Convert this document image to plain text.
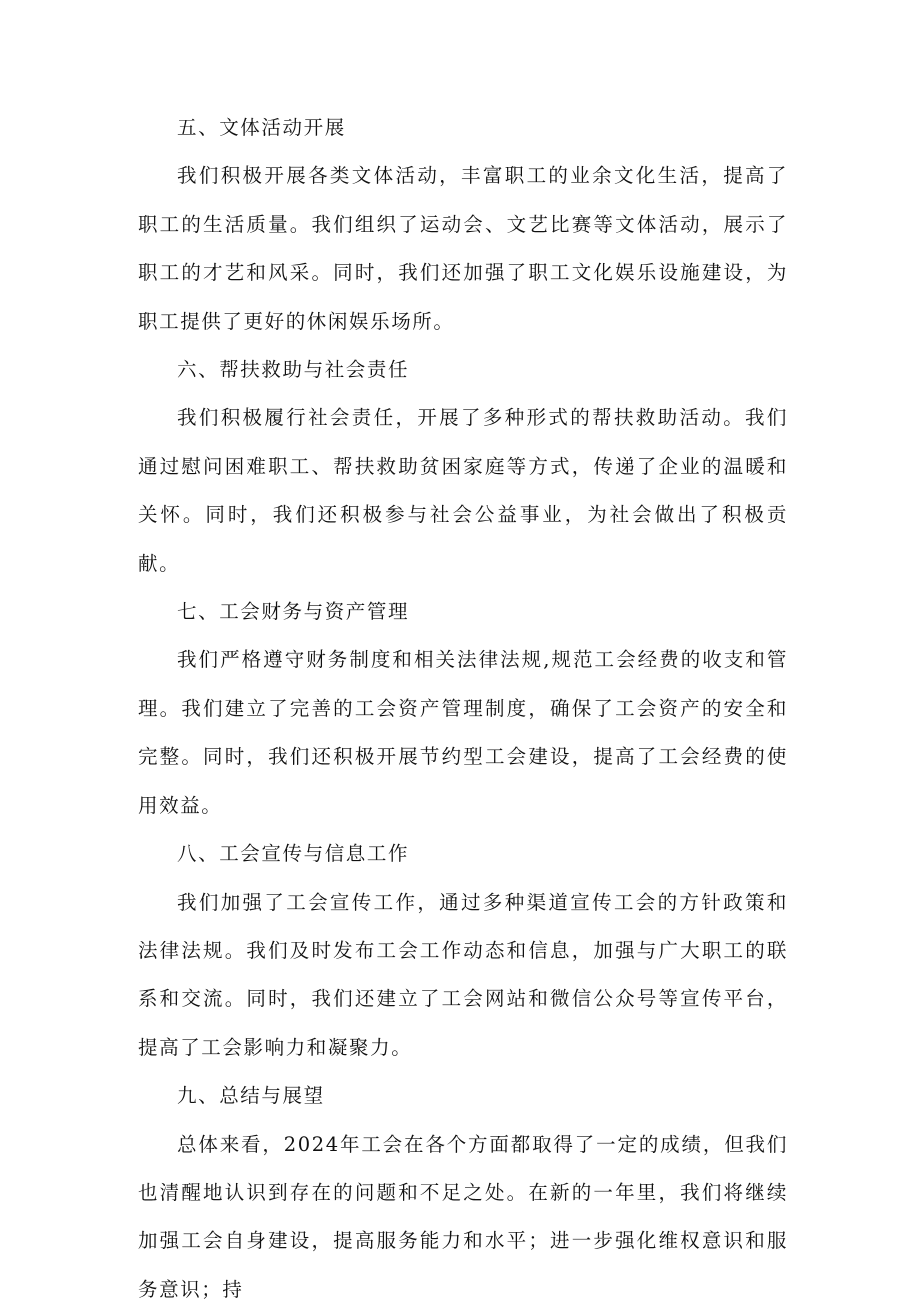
五、文体活动开展

我们积极开展各类文体活动，丰富职工的业余文化生活，提高了职工的生活质量。我们组织了运动会、文艺比赛等文体活动，展示了职工的才艺和风采。同时，我们还加强了职工文化娱乐设施建设，为职工提供了更好的休闲娱乐场所。

六、帮扶救助与社会责任

我们积极履行社会责任，开展了多种形式的帮扶救助活动。我们通过慰问困难职工、帮扶救助贫困家庭等方式，传递了企业的温暖和关怀。同时，我们还积极参与社会公益事业，为社会做出了积极贡献。

七、工会财务与资产管理

我们严格遵守财务制度和相关法律法规,规范工会经费的收支和管理。我们建立了完善的工会资产管理制度，确保了工会资产的安全和完整。同时，我们还积极开展节约型工会建设，提高了工会经费的使用效益。

八、工会宣传与信息工作

我们加强了工会宣传工作，通过多种渠道宣传工会的方针政策和法律法规。我们及时发布工会工作动态和信息，加强与广大职工的联系和交流。同时，我们还建立了工会网站和微信公众号等宣传平台，提高了工会影响力和凝聚力。

九、总结与展望

总体来看，2024年工会在各个方面都取得了一定的成绩，但我们也清醒地认识到存在的问题和不足之处。在新的一年里，我们将继续加强工会自身建设，提高服务能力和水平；进一步强化维权意识和服务意识；持
